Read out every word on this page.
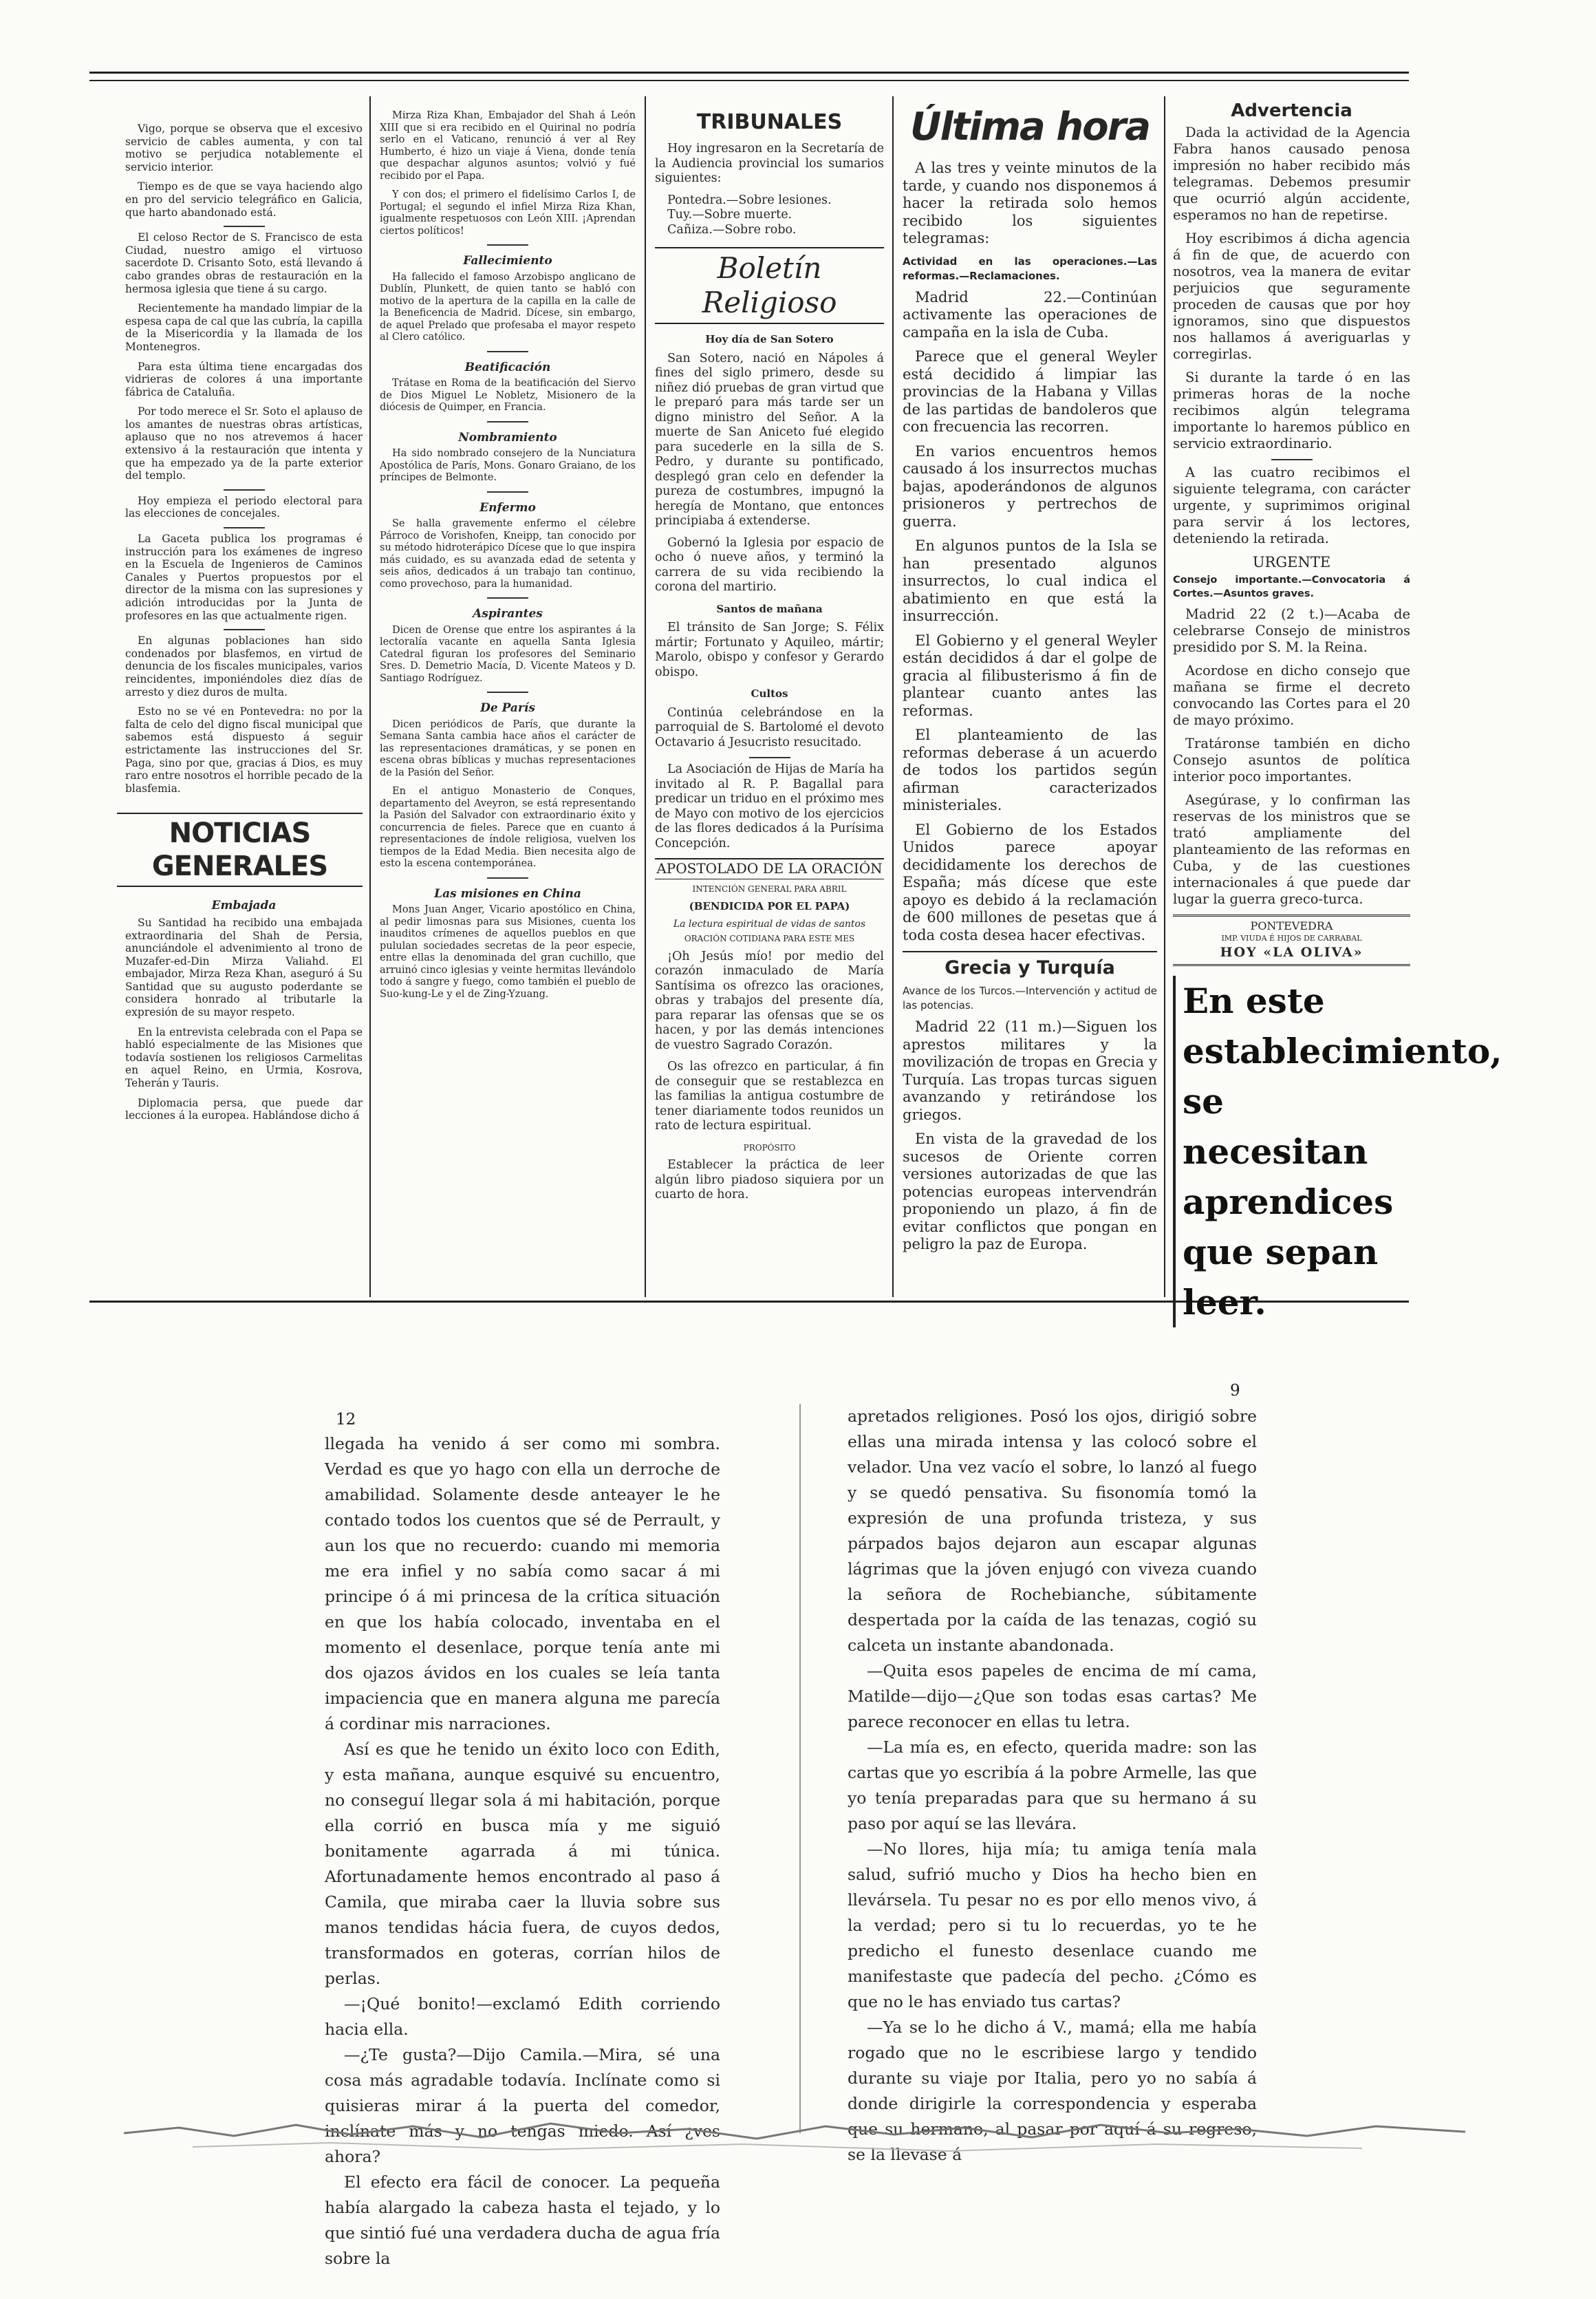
Vigo, porque se observa que el excesivo servicio de cables aumenta, y con tal motivo se perjudica notablemente el servicio interior.

Tiempo es de que se vaya haciendo algo en pro del servicio telegráfico en Galicia, que harto abandonado está.

El celoso Rector de S. Francisco de esta Ciudad, nuestro amigo el virtuoso sacerdote D. Crisanto Soto, está llevando á cabo grandes obras de restauración en la hermosa iglesia que tiene á su cargo.

Recientemente ha mandado limpiar de la espesa capa de cal que las cubría, la capilla de la Misericordia y la llamada de los Montenegros.

Para esta última tiene encargadas dos vidrieras de colores á una importante fábrica de Cataluña.

Por todo merece el Sr. Soto el aplauso de los amantes de nuestras obras artísticas, aplauso que no nos atrevemos á hacer extensivo á la restauración que intenta y que ha empezado ya de la parte exterior del templo.

Hoy empieza el periodo electoral para las elecciones de concejales.

La Gaceta publica los programas é instrucción para los exámenes de ingreso en la Escuela de Ingenieros de Caminos Canales y Puertos propuestos por el director de la misma con las supresiones y adición introducidas por la Junta de profesores en las que actualmente rigen.

En algunas poblaciones han sido condenados por blasfemos, en virtud de denuncia de los fiscales municipales, varios reincidentes, imponiéndoles diez días de arresto y diez duros de multa.

Esto no se vé en Pontevedra: no por la falta de celo del digno fiscal municipal que sabemos está dispuesto á seguir estrictamente las instrucciones del Sr. Paga, sino por que, gracias á Dios, es muy raro entre nosotros el horrible pecado de la blasfemia.

NOTICIAS GENERALES
Embajada

Su Santidad ha recibido una embajada extraordinaria del Shah de Persia, anunciándole el advenimiento al trono de Muzafer-ed-Din Mirza Valiahd. El embajador, Mirza Reza Khan, aseguró á Su Santidad que su augusto poderdante se considera honrado al tributarle la expresión de su mayor respeto.

En la entrevista celebrada con el Papa se habló especialmente de las Misiones que todavía sostienen los religiosos Carmelitas en aquel Reino, en Urmia, Kosrova, Teherán y Tauris.

Diplomacia persa, que puede dar lecciones á la europea. Hablándose dicho á

Mirza Riza Khan, Embajador del Shah á León XIII que si era recibido en el Quirinal no podría serlo en el Vaticano, renunció á ver al Rey Humberto, é hizo un viaje á Viena, donde tenía que despachar algunos asuntos; volvió y fué recibido por el Papa.

Y con dos; el primero el fidelísimo Carlos I, de Portugal; el segundo el infiel Mirza Riza Khan, igualmente respetuosos con León XIII. ¡Aprendan ciertos políticos!

Fallecimiento

Ha fallecido el famoso Arzobispo anglicano de Dublín, Plunkett, de quien tanto se habló con motivo de la apertura de la capilla en la calle de la Beneficencia de Madrid. Dícese, sin embargo, de aquel Prelado que profesaba el mayor respeto al Clero católico.

Beatificación

Trátase en Roma de la beatificación del Siervo de Dios Miguel Le Nobletz, Misionero de la diócesis de Quimper, en Francia.

Nombramiento

Ha sido nombrado consejero de la Nunciatura Apostólica de París, Mons. Gonaro Graiano, de los príncipes de Belmonte.

Enfermo

Se halla gravemente enfermo el célebre Párroco de Vorishofen, Kneipp, tan conocido por su método hidroterápico Dícese que lo que inspira más cuidado, es su avanzada edad de setenta y seis años, dedicados á un trabajo tan continuo, como provechoso, para la humanidad.

Aspirantes

Dicen de Orense que entre los aspirantes á la lectoralía vacante en aquella Santa Iglesia Catedral figuran los profesores del Seminario Sres. D. Demetrio Macía, D. Vicente Mateos y D. Santiago Rodríguez.

De París

Dicen periódicos de París, que durante la Semana Santa cambia hace años el carácter de las representaciones dramáticas, y se ponen en escena obras bíblicas y muchas representaciones de la Pasión del Señor.

En el antiguo Monasterio de Conques, departamento del Aveyron, se está representando la Pasión del Salvador con extraordinario éxito y concurrencia de fieles. Parece que en cuanto á representaciones de índole religiosa, vuelven los tiempos de la Edad Media. Bien necesita algo de esto la escena contemporánea.

Las misiones en China

Mons Juan Anger, Vicario apostólico en China, al pedir limosnas para sus Misiones, cuenta los inauditos crímenes de aquellos pueblos en que pululan sociedades secretas de la peor especie, entre ellas la denominada del gran cuchillo, que arruinó cinco iglesias y veinte hermitas llevándolo todo á sangre y fuego, como también el pueblo de Suo-kung-Le y el de Zing-Yzuang.

TRIBUNALES

Hoy ingresaron en la Secretaría de la Audiencia provincial los sumarios siguientes:

Pontedra.—Sobre lesiones.
Tuy.—Sobre muerte.
Cañiza.—Sobre robo.
Boletín Religioso
Hoy día de San Sotero

San Sotero, nació en Nápoles á fines del siglo primero, desde su niñez dió pruebas de gran virtud que le preparó para más tarde ser un digno ministro del Señor. A la muerte de San Aniceto fué elegido para sucederle en la silla de S. Pedro, y durante su pontificado, desplegó gran celo en defender la pureza de costumbres, impugnó la heregía de Montano, que entonces principiaba á extenderse.

Gobernó la Iglesia por espacio de ocho ó nueve años, y terminó la carrera de su vida recibiendo la corona del martirio.

Santos de mañana

El tránsito de San Jorge; S. Félix mártir; Fortunato y Aquileo, mártir; Marolo, obispo y confesor y Gerardo obispo.

Cultos

Continúa celebrándose en la parroquial de S. Bartolomé el devoto Octavario á Jesucristo resucitado.

La Asociación de Hijas de María ha invitado al R. P. Bagallal para predicar un triduo en el próximo mes de Mayo con motivo de los ejercicios de las flores dedicados á la Purísima Concepción.

APOSTOLADO DE LA ORACIÓN
INTENCIÓN GENERAL PARA ABRIL
(BENDICIDA POR EL PAPA)
La lectura espiritual de vidas de santos
ORACIÓN COTIDIANA PARA ESTE MES

¡Oh Jesús mío! por medio del corazón inmaculado de María Santísima os ofrezco las oraciones, obras y trabajos del presente día, para reparar las ofensas que se os hacen, y por las demás intenciones de vuestro Sagrado Corazón.

Os las ofrezco en particular, á fin de conseguir que se restablezca en las familias la antigua costumbre de tener diariamente todos reunidos un rato de lectura espiritual.

PROPÓSITO

Establecer la práctica de leer algún libro piadoso siquiera por un cuarto de hora.

Última hora

A las tres y veinte minutos de la tarde, y cuando nos disponemos á hacer la retirada solo hemos recibido los siguientes telegramas:

Actividad en las operaciones.—Las reformas.—Reclamaciones.

Madrid 22.—Continúan activamente las operaciones de campaña en la isla de Cuba.

Parece que el general Weyler está decidido á limpiar las provincias de la Habana y Villas de las partidas de bandoleros que con frecuencia las recorren.

En varios encuentros hemos causado á los insurrectos muchas bajas, apoderándonos de algunos prisioneros y pertrechos de guerra.

En algunos puntos de la Isla se han presentado algunos insurrectos, lo cual indica el abatimiento en que está la insurrección.

El Gobierno y el general Weyler están decididos á dar el golpe de gracia al filibusterismo á fin de plantear cuanto antes las reformas.

El planteamiento de las reformas deberase á un acuerdo de todos los partidos según afirman caracterizados ministeriales.

El Gobierno de los Estados Unidos parece apoyar decididamente los derechos de España; más dícese que este apoyo es debido á la reclamación de 600 millones de pesetas que á toda costa desea hacer efectivas.

Grecia y Turquía
Avance de los Turcos.—Intervención y actitud de las potencias.

Madrid 22 (11 m.)—Siguen los aprestos militares y la movilización de tropas en Grecia y Turquía. Las tropas turcas siguen avanzando y retirándose los griegos.

En vista de la gravedad de los sucesos de Oriente corren versiones autorizadas de que las potencias europeas intervendrán proponiendo un plazo, á fin de evitar conflictos que pongan en peligro la paz de Europa.

Advertencia

Dada la actividad de la Agencia Fabra hanos causado penosa impresión no haber recibido más telegramas. Debemos presumir que ocurrió algún accidente, esperamos no han de repetirse.

Hoy escribimos á dicha agencia á fin de que, de acuerdo con nosotros, vea la manera de evitar perjuicios que seguramente proceden de causas que por hoy ignoramos, sino que dispuestos nos hallamos á averiguarlas y corregirlas.

Si durante la tarde ó en las primeras horas de la noche recibimos algún telegrama importante lo haremos público en servicio extraordinario.

A las cuatro recibimos el siguiente telegrama, con carácter urgente, y suprimimos original para servir á los lectores, deteniendo la retirada.

URGENTE
Consejo importante.—Convocatoria á Cortes.—Asuntos graves.

Madrid 22 (2 t.)—Acaba de celebrarse Consejo de ministros presidido por S. M. la Reina.

Acordose en dicho consejo que mañana se firme el decreto convocando las Cortes para el 20 de mayo próximo.

Tratáronse también en dicho Consejo asuntos de política interior poco importantes.

Asegúrase, y lo confirman las reservas de los ministros que se trató ampliamente del planteamiento de las reformas en Cuba, y de las cuestiones internacionales á que puede dar lugar la guerra greco-turca.

PONTEVEDRA
IMP. VIUDA É HIJOS DE CARRABAL
HOY «LA OLIVA»
En este establecimiento, se necesitan aprendices que sepan leer.
12

llegada ha venido á ser como mi sombra. Verdad es que yo hago con ella un derroche de amabilidad. Solamente desde anteayer le he contado todos los cuentos que sé de Perrault, y aun los que no recuerdo: cuando mi memoria me era infiel y no sabía como sacar á mi principe ó á mi princesa de la crítica situación en que los había colocado, inventaba en el momento el desenlace, porque tenía ante mi dos ojazos ávidos en los cuales se leía tanta impaciencia que en manera alguna me parecía á cordinar mis narraciones.

Así es que he tenido un éxito loco con Edith, y esta mañana, aunque esquivé su encuentro, no conseguí llegar sola á mi habitación, porque ella corrió en busca mía y me siguió bonitamente agarrada á mi túnica. Afortunadamente hemos encontrado al paso á Camila, que miraba caer la lluvia sobre sus manos tendidas hácia fuera, de cuyos dedos, transformados en goteras, corrían hilos de perlas.

—¡Qué bonito!—exclamó Edith corriendo hacia ella.

—¿Te gusta?—Dijo Camila.—Mira, sé una cosa más agradable todavía. Inclínate como si quisieras mirar á la puerta del comedor, inclínate más y no tengas miedo. Así ¿ves ahora?

El efecto era fácil de conocer. La pequeña había alargado la cabeza hasta el tejado, y lo que sintió fué una verdadera ducha de agua fría sobre la

9

apretados religiones. Posó los ojos, dirigió sobre ellas una mirada intensa y las colocó sobre el velador. Una vez vacío el sobre, lo lanzó al fuego y se quedó pensativa. Su fisonomía tomó la expresión de una profunda tristeza, y sus párpados bajos dejaron aun escapar algunas lágrimas que la jóven enjugó con viveza cuando la señora de Rochebianche, súbitamente despertada por la caída de las tenazas, cogió su calceta un instante abandonada.

—Quita esos papeles de encima de mí cama, Matilde—dijo—¿Que son todas esas cartas? Me parece reconocer en ellas tu letra.

—La mía es, en efecto, querida madre: son las cartas que yo escribía á la pobre Armelle, las que yo tenía preparadas para que su hermano á su paso por aquí se las llevára.

—No llores, hija mía; tu amiga tenía mala salud, sufrió mucho y Dios ha hecho bien en llevársela. Tu pesar no es por ello menos vivo, á la verdad; pero si tu lo recuerdas, yo te he predicho el funesto desenlace cuando me manifestaste que padecía del pecho. ¿Cómo es que no le has enviado tus cartas?

—Ya se lo he dicho á V., mamá; ella me había rogado que no le escribiese largo y tendido durante su viaje por Italia, pero yo no sabía á donde dirigirle la correspondencia y esperaba que su hermano, al pasar por aquí á su regreso, se la llevase á
